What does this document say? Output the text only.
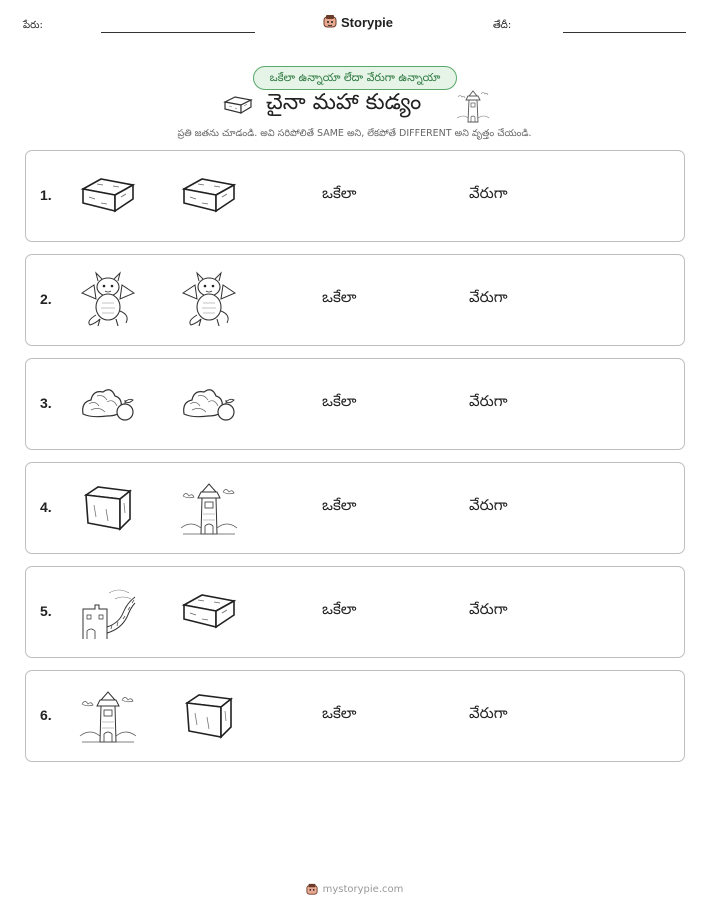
పేరు:	Storypie	తేదీ:
ఒకేలా ఉన్నాయా లేదా వేరుగా ఉన్నాయా
చైనా మహా కుడ్యం
ప్రతి జతను చూడండి. అవి సరిపోలితే SAME అని, లేకపోతే DIFFERENT అని వృత్తం చేయండి.
1.	ఒకేలా	వేరుగా
2.	ఒకేలా	వేరుగా
3.	ఒకేలా	వేరుగా
4.	ఒకేలా	వేరుగా
5.	ఒకేలా	వేరుగా
6.	ఒకేలా	వేరుగా
mystorypie.com
